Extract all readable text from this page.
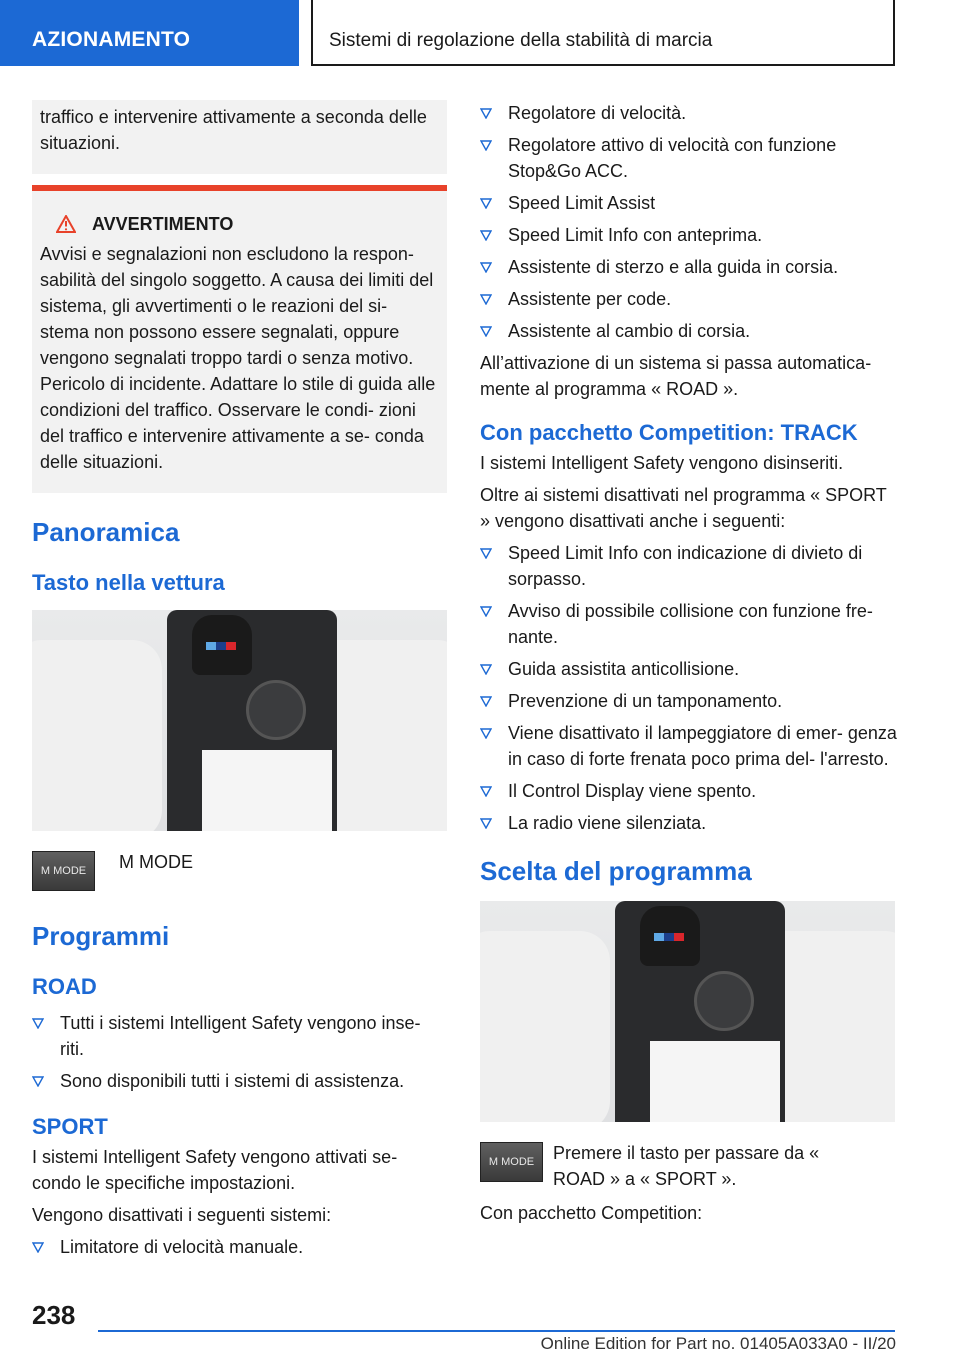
AZIONAMENTO	Sistemi di regolazione della stabilità di marcia

traffico e intervenire attivamente a seconda delle situazioni.

AVVERTIMENTO

Avvisi e segnalazioni non escludono la respon- sabilità del singolo soggetto. A causa dei limiti del sistema, gli avvertimenti o le reazioni del si- stema non possono essere segnalati, oppure vengono segnalati troppo tardi o senza motivo. Pericolo di incidente. Adattare lo stile di guida alle condizioni del traffico. Osservare le condi- zioni del traffico e intervenire attivamente a se- conda delle situazioni.

Panoramica
Tasto nella vettura
M MODE	M MODE

Programmi
ROAD
Tutti i sistemi Intelligent Safety vengono inse- riti.
Sono disponibili tutti i sistemi di assistenza.
SPORT

I sistemi Intelligent Safety vengono attivati se- condo le specifiche impostazioni.

Vengono disattivati i seguenti sistemi:

Limitatore di velocità manuale.
Regolatore di velocità.
Regolatore attivo di velocità con funzione Stop&Go ACC.
Speed Limit Assist
Speed Limit Info con anteprima.
Assistente di sterzo e alla guida in corsia.
Assistente per code.
Assistente al cambio di corsia.

All’attivazione di un sistema si passa automatica- mente al programma « ROAD ».

Con pacchetto Competition: TRACK

I sistemi Intelligent Safety vengono disinseriti.

Oltre ai sistemi disattivati nel programma « SPORT » vengono disattivati anche i seguenti:

Speed Limit Info con indicazione di divieto di sorpasso.
Avviso di possibile collisione con funzione fre- nante.
Guida assistita anticollisione.
Prevenzione di un tamponamento.
Viene disattivato il lampeggiatore di emer- genza in caso di forte frenata poco prima del- l'arresto.
Il Control Display viene spento.
La radio viene silenziata.
Scelta del programma
M MODE	Premere il tasto per passare da « ROAD » a « SPORT ».

Con pacchetto Competition:

238
Online Edition for Part no. 01405A033A0 - II/20
